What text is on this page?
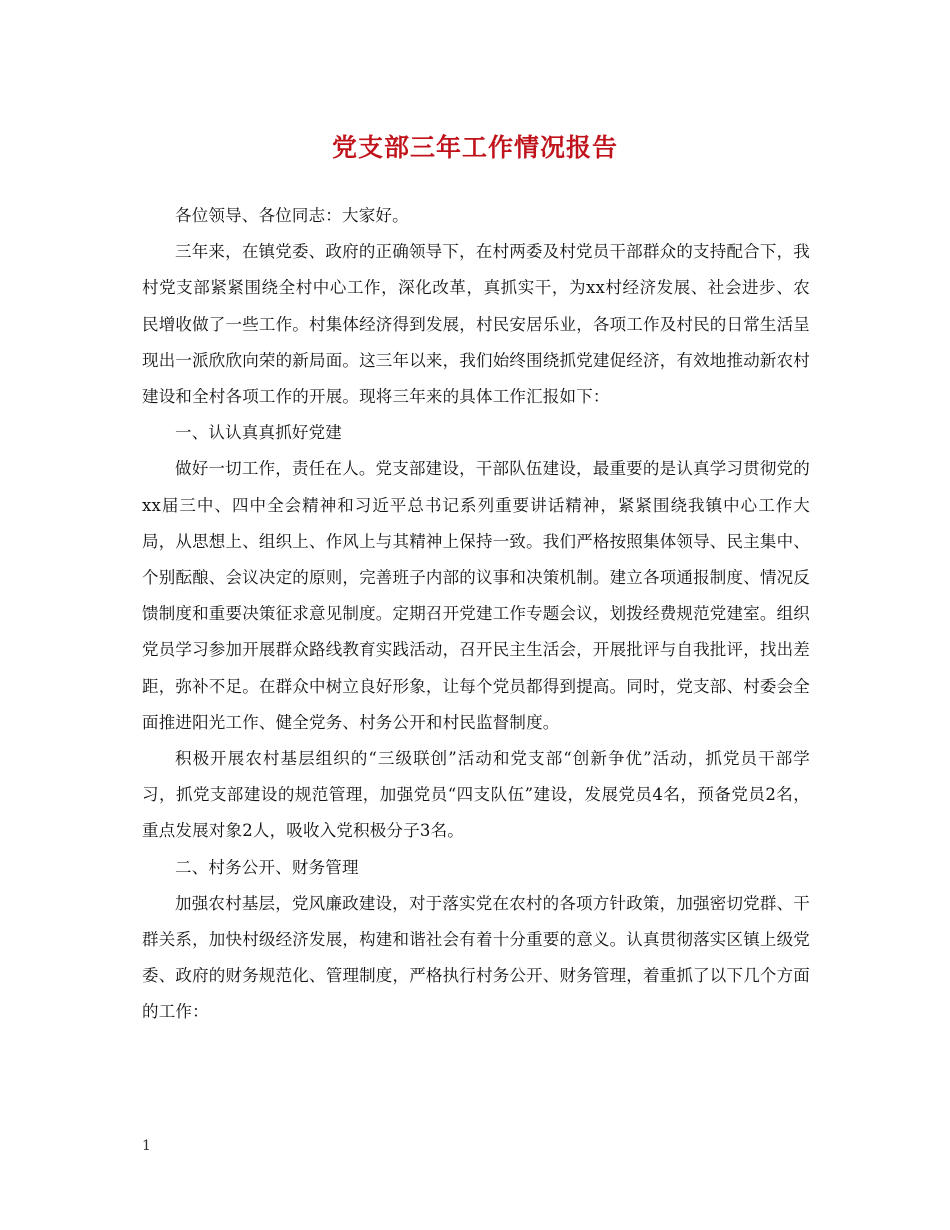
党支部三年工作情况报告

各位领导、各位同志：大家好。

三年来，在镇党委、政府的正确领导下，在村两委及村党员干部群众的支持配合下，我村党支部紧紧围绕全村中心工作，深化改革，真抓实干，为xx村经济发展、社会进步、农民增收做了一些工作。村集体经济得到发展，村民安居乐业，各项工作及村民的日常生活呈现出一派欣欣向荣的新局面。这三年以来，我们始终围绕抓党建促经济，有效地推动新农村建设和全村各项工作的开展。现将三年来的具体工作汇报如下：

一、认认真真抓好党建

做好一切工作，责任在人。党支部建设，干部队伍建设，最重要的是认真学习贯彻党的xx届三中、四中全会精神和习近平总书记系列重要讲话精神，紧紧围绕我镇中心工作大局，从思想上、组织上、作风上与其精神上保持一致。我们严格按照集体领导、民主集中、个别酝酿、会议决定的原则，完善班子内部的议事和决策机制。建立各项通报制度、情况反馈制度和重要决策征求意见制度。定期召开党建工作专题会议，划拨经费规范党建室。组织党员学习参加开展群众路线教育实践活动，召开民主生活会，开展批评与自我批评，找出差距，弥补不足。在群众中树立良好形象，让每个党员都得到提高。同时，党支部、村委会全面推进阳光工作、健全党务、村务公开和村民监督制度。

积极开展农村基层组织的“三级联创”活动和党支部“创新争优”活动，抓党员干部学习，抓党支部建设的规范管理，加强党员“四支队伍”建设，发展党员4名，预备党员2名，重点发展对象2人，吸收入党积极分子3名。

二、村务公开、财务管理

加强农村基层，党风廉政建设，对于落实党在农村的各项方针政策，加强密切党群、干群关系，加快村级经济发展，构建和谐社会有着十分重要的意义。认真贯彻落实区镇上级党委、政府的财务规范化、管理制度，严格执行村务公开、财务管理，着重抓了以下几个方面的工作：

1
